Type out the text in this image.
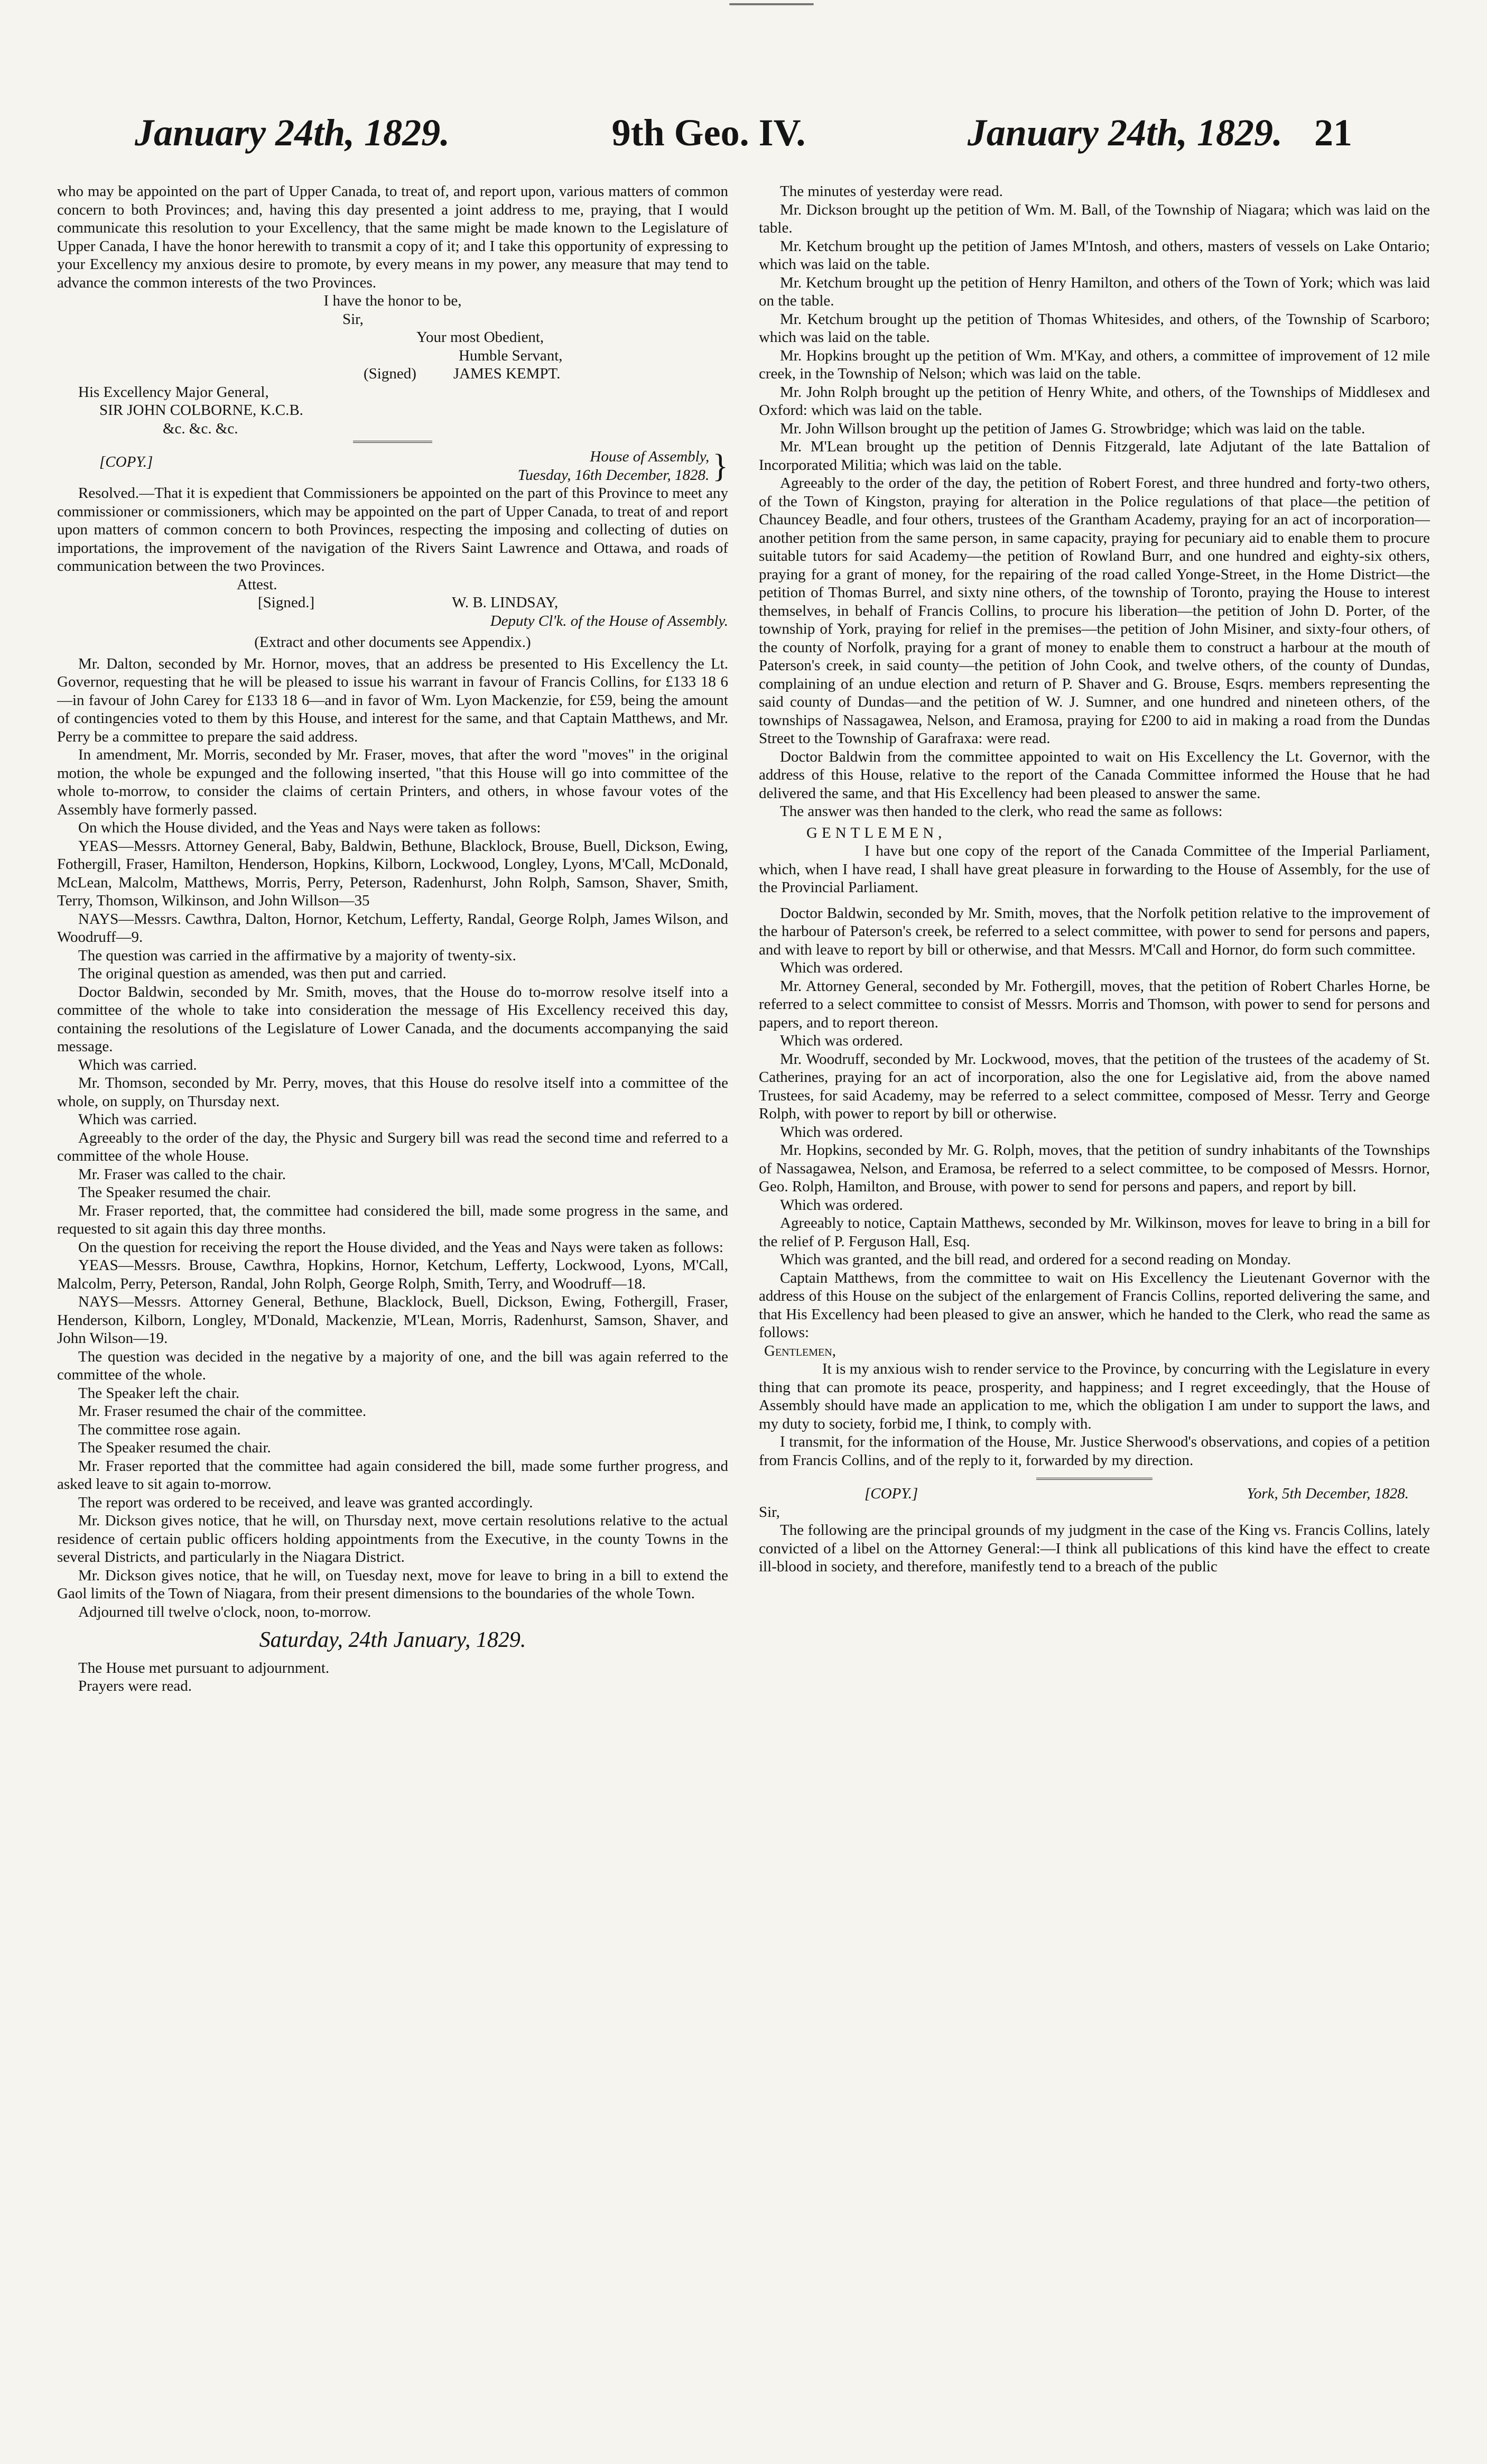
January 24th, 1829.	9th Geo. IV.	January 24th, 1829. 21

who may be appointed on the part of Upper Canada, to treat of, and report upon, various matters of common concern to both Provinces; and, having this day presented a joint address to me, praying, that I would communicate this resolution to your Excellency, that the same might be made known to the Legislature of Upper Canada, I have the honor herewith to transmit a copy of it; and I take this opportunity of expressing to your Excellency my anxious desire to promote, by every means in my power, any measure that may tend to advance the common interests of the two Provinces.

I have the honor to be,
Sir,
Your most Obedient,
Humble Servant,
(Signed) JAMES KEMPT.
His Excellency Major General,
SIR JOHN COLBORNE, K.C.B.
&c. &c. &c.
[COPY.]	House of Assembly,
Tuesday, 16th December, 1828. }

Resolved.—That it is expedient that Commissioners be appointed on the part of this Province to meet any commissioner or commissioners, which may be appointed on the part of Upper Canada, to treat of and report upon matters of common concern to both Provinces, respecting the imposing and collecting of duties on importations, the improvement of the navigation of the Rivers Saint Lawrence and Ottawa, and roads of communication between the two Provinces.

Attest.
[Signed.]	W. B. LINDSAY,
Deputy Cl'k. of the House of Assembly.
(Extract and other documents see Appendix.)

Mr. Dalton, seconded by Mr. Hornor, moves, that an address be presented to His Excellency the Lt. Governor, requesting that he will be pleased to issue his warrant in favour of Francis Collins, for £133 18 6—in favour of John Carey for £133 18 6—and in favor of Wm. Lyon Mackenzie, for £59, being the amount of contingencies voted to them by this House, and interest for the same, and that Captain Matthews, and Mr. Perry be a committee to prepare the said address.

In amendment, Mr. Morris, seconded by Mr. Fraser, moves, that after the word "moves" in the original motion, the whole be expunged and the following inserted, "that this House will go into committee of the whole to-morrow, to consider the claims of certain Printers, and others, in whose favour votes of the Assembly have formerly passed.

On which the House divided, and the Yeas and Nays were taken as follows:

YEAS—Messrs. Attorney General, Baby, Baldwin, Bethune, Blacklock, Brouse, Buell, Dickson, Ewing, Fothergill, Fraser, Hamilton, Henderson, Hopkins, Kilborn, Lockwood, Longley, Lyons, M'Call, McDonald, McLean, Malcolm, Matthews, Morris, Perry, Peterson, Radenhurst, John Rolph, Samson, Shaver, Smith, Terry, Thomson, Wilkinson, and John Willson—35

NAYS—Messrs. Cawthra, Dalton, Hornor, Ketchum, Lefferty, Randal, George Rolph, James Wilson, and Woodruff—9.

The question was carried in the affirmative by a majority of twenty-six.

The original question as amended, was then put and carried.

Doctor Baldwin, seconded by Mr. Smith, moves, that the House do to-morrow resolve itself into a committee of the whole to take into consideration the message of His Excellency received this day, containing the resolutions of the Legislature of Lower Canada, and the documents accompanying the said message.

Which was carried.

Mr. Thomson, seconded by Mr. Perry, moves, that this House do resolve itself into a committee of the whole, on supply, on Thursday next.

Which was carried.

Agreeably to the order of the day, the Physic and Surgery bill was read the second time and referred to a committee of the whole House.

Mr. Fraser was called to the chair.

The Speaker resumed the chair.

Mr. Fraser reported, that, the committee had considered the bill, made some progress in the same, and requested to sit again this day three months.

On the question for receiving the report the House divided, and the Yeas and Nays were taken as follows:

YEAS—Messrs. Brouse, Cawthra, Hopkins, Hornor, Ketchum, Lefferty, Lockwood, Lyons, M'Call, Malcolm, Perry, Peterson, Randal, John Rolph, George Rolph, Smith, Terry, and Woodruff—18.

NAYS—Messrs. Attorney General, Bethune, Blacklock, Buell, Dickson, Ewing, Fothergill, Fraser, Henderson, Kilborn, Longley, M'Donald, Mackenzie, M'Lean, Morris, Radenhurst, Samson, Shaver, and John Wilson—19.

The question was decided in the negative by a majority of one, and the bill was again referred to the committee of the whole.

The Speaker left the chair.

Mr. Fraser resumed the chair of the committee.

The committee rose again.

The Speaker resumed the chair.

Mr. Fraser reported that the committee had again considered the bill, made some further progress, and asked leave to sit again to-morrow.

The report was ordered to be received, and leave was granted accordingly.

Mr. Dickson gives notice, that he will, on Thursday next, move certain resolutions relative to the actual residence of certain public officers holding appointments from the Executive, in the county Towns in the several Districts, and particularly in the Niagara District.

Mr. Dickson gives notice, that he will, on Tuesday next, move for leave to bring in a bill to extend the Gaol limits of the Town of Niagara, from their present dimensions to the boundaries of the whole Town.

Adjourned till twelve o'clock, noon, to-morrow.

Saturday, 24th January, 1829.

The House met pursuant to adjournment.

Prayers were read.

The minutes of yesterday were read.

Mr. Dickson brought up the petition of Wm. M. Ball, of the Township of Niagara; which was laid on the table.

Mr. Ketchum brought up the petition of James M'Intosh, and others, masters of vessels on Lake Ontario; which was laid on the table.

Mr. Ketchum brought up the petition of Henry Hamilton, and others of the Town of York; which was laid on the table.

Mr. Ketchum brought up the petition of Thomas Whitesides, and others, of the Township of Scarboro; which was laid on the table.

Mr. Hopkins brought up the petition of Wm. M'Kay, and others, a committee of improvement of 12 mile creek, in the Township of Nelson; which was laid on the table.

Mr. John Rolph brought up the petition of Henry White, and others, of the Townships of Middlesex and Oxford: which was laid on the table.

Mr. John Willson brought up the petition of James G. Strowbridge; which was laid on the table.

Mr. M'Lean brought up the petition of Dennis Fitzgerald, late Adjutant of the late Battalion of Incorporated Militia; which was laid on the table.

Agreeably to the order of the day, the petition of Robert Forest, and three hundred and forty-two others, of the Town of Kingston, praying for alteration in the Police regulations of that place—the petition of Chauncey Beadle, and four others, trustees of the Grantham Academy, praying for an act of incorporation—another petition from the same person, in same capacity, praying for pecuniary aid to enable them to procure suitable tutors for said Academy—the petition of Rowland Burr, and one hundred and eighty-six others, praying for a grant of money, for the repairing of the road called Yonge-Street, in the Home District—the petition of Thomas Burrel, and sixty nine others, of the township of Toronto, praying the House to interest themselves, in behalf of Francis Collins, to procure his liberation—the petition of John D. Porter, of the township of York, praying for relief in the premises—the petition of John Misiner, and sixty-four others, of the county of Norfolk, praying for a grant of money to enable them to construct a harbour at the mouth of Paterson's creek, in said county—the petition of John Cook, and twelve others, of the county of Dundas, complaining of an undue election and return of P. Shaver and G. Brouse, Esqrs. members representing the said county of Dundas—and the petition of W. J. Sumner, and one hundred and nineteen others, of the townships of Nassagawea, Nelson, and Eramosa, praying for £200 to aid in making a road from the Dundas Street to the Township of Garafraxa: were read.

Doctor Baldwin from the committee appointed to wait on His Excellency the Lt. Governor, with the address of this House, relative to the report of the Canada Committee informed the House that he had delivered the same, and that His Excellency had been pleased to answer the same.

The answer was then handed to the clerk, who read the same as follows:

GENTLEMEN,

I have but one copy of the report of the Canada Committee of the Imperial Parliament, which, when I have read, I shall have great pleasure in forwarding to the House of Assembly, for the use of the Provincial Parliament.

Doctor Baldwin, seconded by Mr. Smith, moves, that the Norfolk petition relative to the improvement of the harbour of Paterson's creek, be referred to a select committee, with power to send for persons and papers, and with leave to report by bill or otherwise, and that Messrs. M'Call and Hornor, do form such committee.

Which was ordered.

Mr. Attorney General, seconded by Mr. Fothergill, moves, that the petition of Robert Charles Horne, be referred to a select committee to consist of Messrs. Morris and Thomson, with power to send for persons and papers, and to report thereon.

Which was ordered.

Mr. Woodruff, seconded by Mr. Lockwood, moves, that the petition of the trustees of the academy of St. Catherines, praying for an act of incorporation, also the one for Legislative aid, from the above named Trustees, for said Academy, may be referred to a select committee, composed of Messr. Terry and George Rolph, with power to report by bill or otherwise.

Which was ordered.

Mr. Hopkins, seconded by Mr. G. Rolph, moves, that the petition of sundry inhabitants of the Townships of Nassagawea, Nelson, and Eramosa, be referred to a select committee, to be composed of Messrs. Hornor, Geo. Rolph, Hamilton, and Brouse, with power to send for persons and papers, and report by bill.

Which was ordered.

Agreeably to notice, Captain Matthews, seconded by Mr. Wilkinson, moves for leave to bring in a bill for the relief of P. Ferguson Hall, Esq.

Which was granted, and the bill read, and ordered for a second reading on Monday.

Captain Matthews, from the committee to wait on His Excellency the Lieutenant Governor with the address of this House on the subject of the enlargement of Francis Collins, reported delivering the same, and that His Excellency had been pleased to give an answer, which he handed to the Clerk, who read the same as follows:

Gentlemen,

It is my anxious wish to render service to the Province, by concurring with the Legislature in every thing that can promote its peace, prosperity, and happiness; and I regret exceedingly, that the House of Assembly should have made an application to me, which the obligation I am under to support the laws, and my duty to society, forbid me, I think, to comply with.

I transmit, for the information of the House, Mr. Justice Sherwood's observations, and copies of a petition from Francis Collins, and of the reply to it, forwarded by my direction.

[COPY.]	York, 5th December, 1828.
Sir,

The following are the principal grounds of my judgment in the case of the King vs. Francis Collins, lately convicted of a libel on the Attorney General:—I think all publications of this kind have the effect to create ill-blood in society, and therefore, manifestly tend to a breach of the public
